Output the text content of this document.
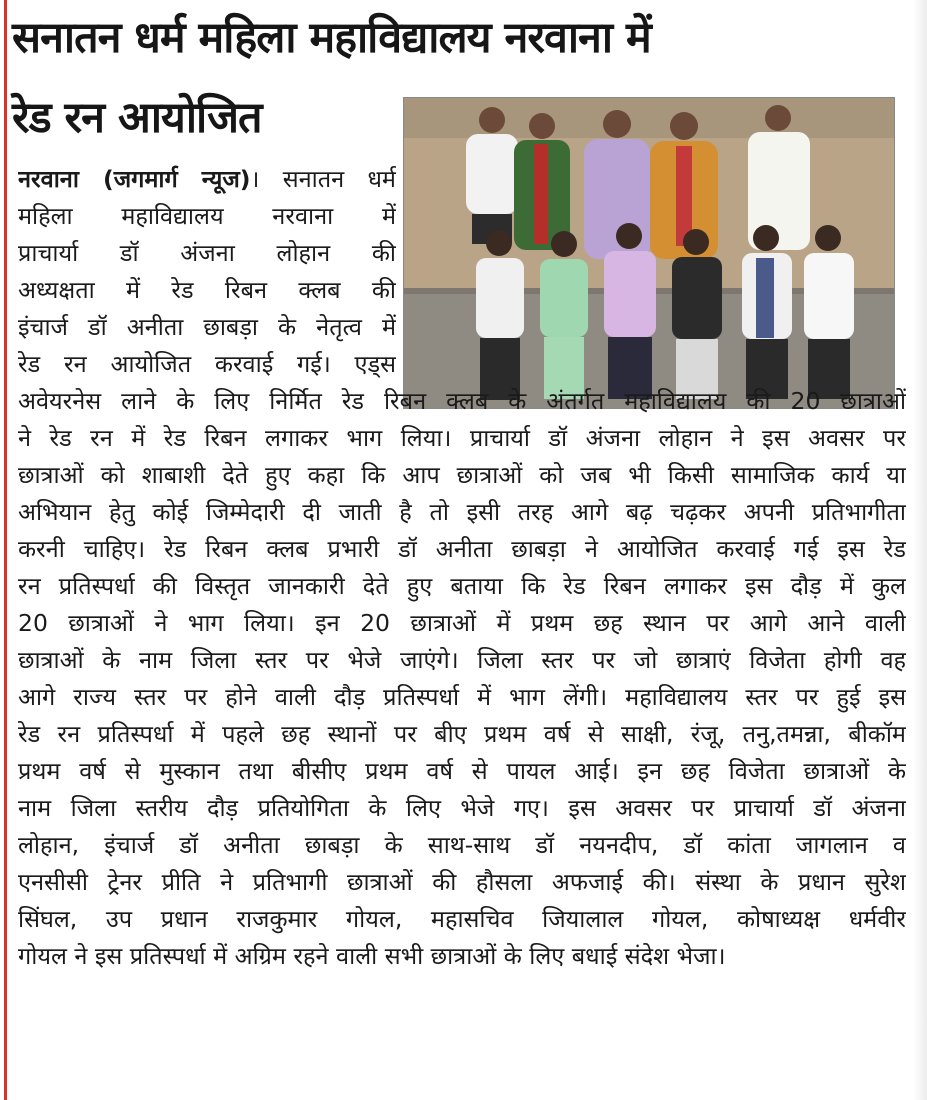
सनातन धर्म महिला महाविद्यालय नरवाना में
रेड रन आयोजित

नरवाना (जगमार्ग न्यूज)। सनातन धर्म

महिला महाविद्यालय नरवाना में

प्राचार्या डॉ अंजना लोहान की

अध्यक्षता में रेड रिबन क्लब की

इंचार्ज डॉ अनीता छाबड़ा के नेतृत्व में

रेड रन आयोजित करवाई गई। एड्स

अवेयरनेस लाने के लिए निर्मित रेड रिबन क्लब के अंतर्गत महाविद्यालय की 20 छात्राओं

ने रेड रन में रेड रिबन लगाकर भाग लिया। प्राचार्या डॉ अंजना लोहान ने इस अवसर पर

छात्राओं को शाबाशी देते हुए कहा कि आप छात्राओं को जब भी किसी सामाजिक कार्य या

अभियान हेतु कोई जिम्मेदारी दी जाती है तो इसी तरह आगे बढ़ चढ़कर अपनी प्रतिभागीता

करनी चाहिए। रेड रिबन क्लब प्रभारी डॉ अनीता छाबड़ा ने आयोजित करवाई गई इस रेड

रन प्रतिस्पर्धा की विस्तृत जानकारी देते हुए बताया कि रेड रिबन लगाकर इस दौड़ में कुल

20 छात्राओं ने भाग लिया। इन 20 छात्राओं में प्रथम छह स्थान पर आगे आने वाली

छात्राओं के नाम जिला स्तर पर भेजे जाएंगे। जिला स्तर पर जो छात्राएं विजेता होगी वह

आगे राज्य स्तर पर होने वाली दौड़ प्रतिस्पर्धा में भाग लेंगी। महाविद्यालय स्तर पर हुई इस

रेड रन प्रतिस्पर्धा में पहले छह स्थानों पर बीए प्रथम वर्ष से साक्षी, रंजू, तनु,तमन्ना, बीकॉम

प्रथम वर्ष से मुस्कान तथा बीसीए प्रथम वर्ष से पायल आई। इन छह विजेता छात्राओं के

नाम जिला स्तरीय दौड़ प्रतियोगिता के लिए भेजे गए। इस अवसर पर प्राचार्या डॉ अंजना

लोहान, इंचार्ज डॉ अनीता छाबड़ा के साथ-साथ डॉ नयनदीप, डॉ कांता जागलान व

एनसीसी ट्रेनर प्रीति ने प्रतिभागी छात्राओं की हौसला अफजाई की। संस्था के प्रधान सुरेश

सिंघल, उप प्रधान राजकुमार गोयल, महासचिव जियालाल गोयल, कोषाध्यक्ष धर्मवीर

गोयल ने इस प्रतिस्पर्धा में अग्रिम रहने वाली सभी छात्राओं के लिए बधाई संदेश भेजा।
